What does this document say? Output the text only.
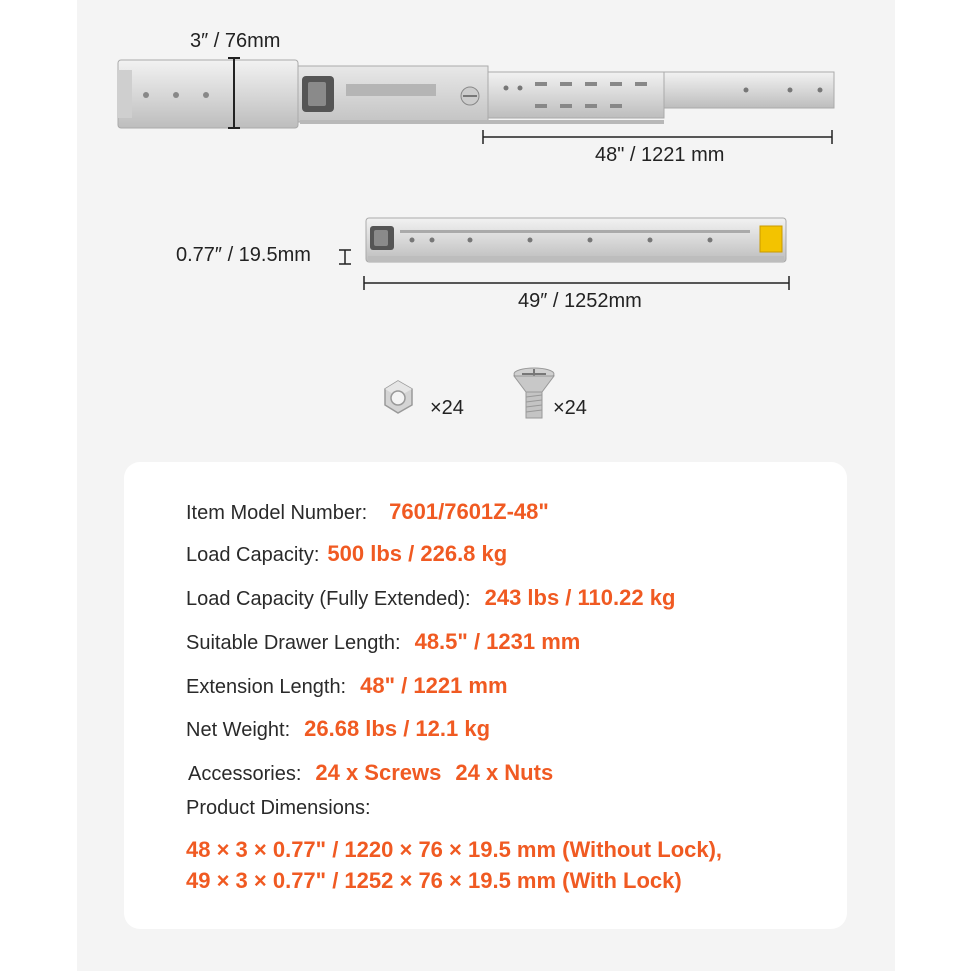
3″ / 76mm
48" / 1221 mm
0.77″ / 19.5mm
49″ / 1252mm
×24	×24
Item Model Number: 7601/7601Z-48"
Load Capacity: 500 lbs / 226.8 kg
Load Capacity (Fully Extended): 243 lbs / 110.22 kg
Suitable Drawer Length: 48.5" / 1231 mm
Extension Length: 48" / 1221 mm
Net Weight: 26.68 lbs / 12.1 kg
Accessories: 24 x Screws 24 x Nuts
Product Dimensions:
48 × 3 × 0.77" / 1220 × 76 × 19.5 mm (Without Lock),
49 × 3 × 0.77" / 1252 × 76 × 19.5 mm (With Lock)
